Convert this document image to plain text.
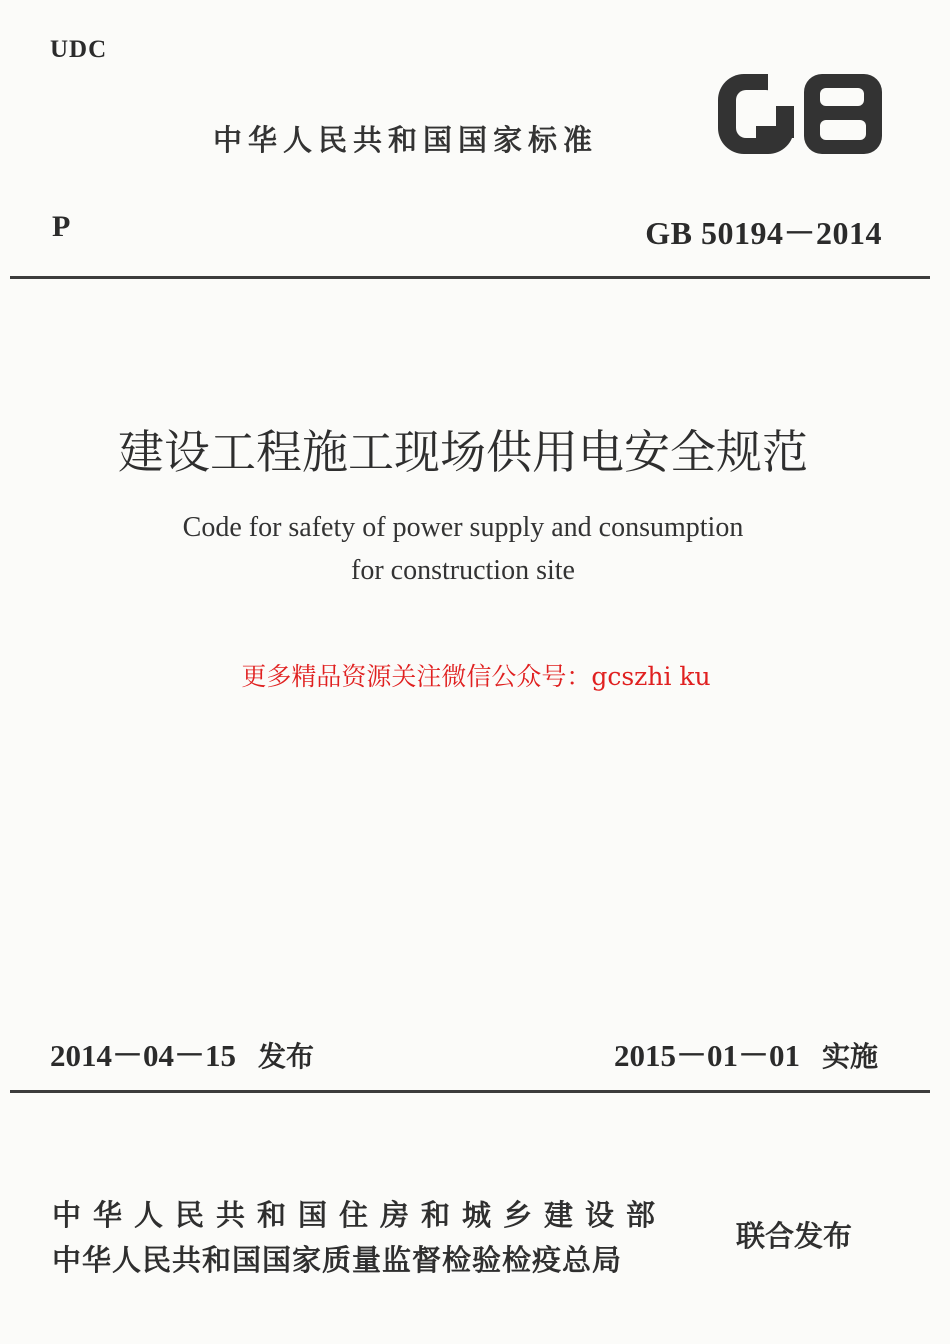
UDC
中华人民共和国国家标准
P	GB 50194－2014
建设工程施工现场供用电安全规范
Code for safety of power supply and consumption
for construction site
更多精品资源关注微信公众号：gcszhi ku
2014－04－15 发布	2015－01－01 实施
中华人民共和国住房和城乡建设部
中华人民共和国国家质量监督检验检疫总局
联合发布
